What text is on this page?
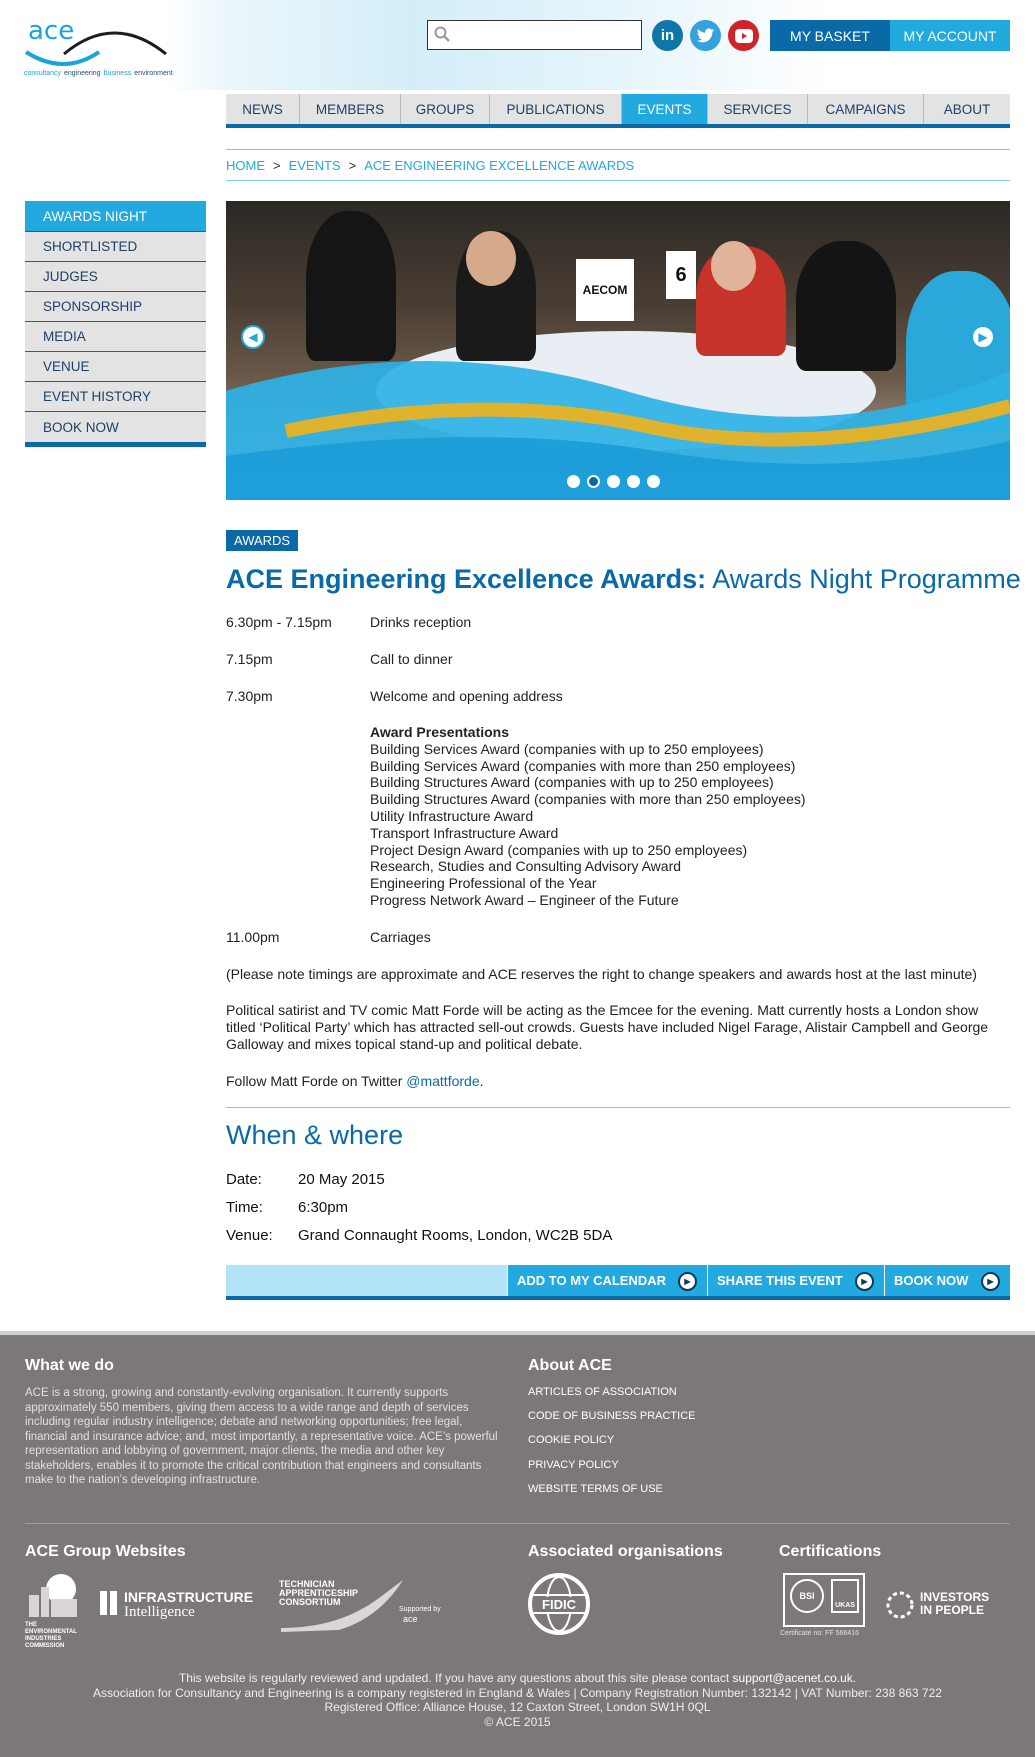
ace
consultancy engineering business environment
in	MY BASKET	MY ACCOUNT
NEWS	MEMBERS	GROUPS	PUBLICATIONS	EVENTS	SERVICES	CAMPAIGNS	ABOUT
HOME > EVENTS > ACE ENGINEERING EXCELLENCE AWARDS
AWARDS NIGHT
SHORTLISTED
JUDGES
SPONSORSHIP
MEDIA
VENUE
EVENT HISTORY
BOOK NOW
AECOM
6
◀	▶
AWARDS
ACE Engineering Excellence Awards: Awards Night Programme
6.30pm - 7.15pm	Drinks reception
7.15pm	Call to dinner
7.30pm	Welcome and opening address
Award Presentations
Building Services Award (companies with up to 250 employees)
Building Services Award (companies with more than 250 employees)
Building Structures Award (companies with up to 250 employees)
Building Structures Award (companies with more than 250 employees)
Utility Infrastructure Award
Transport Infrastructure Award
Project Design Award (companies with up to 250 employees)
Research, Studies and Consulting Advisory Award
Engineering Professional of the Year
Progress Network Award – Engineer of the Future
11.00pm	Carriages
(Please note timings are approximate and ACE reserves the right to change speakers and awards host at the last minute)
Political satirist and TV comic Matt Forde will be acting as the Emcee for the evening. Matt currently hosts a London show titled ‘Political Party’ which has attracted sell-out crowds. Guests have included Nigel Farage, Alistair Campbell and George Galloway and mixes topical stand-up and political debate.
Follow Matt Forde on Twitter @mattforde.
When & where
Date:	20 May 2015
Time:	6:30pm
Venue:	Grand Connaught Rooms, London, WC2B 5DA
ADD TO MY CALENDAR	▶	SHARE THIS EVENT	▶	BOOK NOW	▶
What we do
ACE is a strong, growing and constantly-evolving organisation. It currently supports approximately 550 members, giving them access to a wide range and depth of services including regular industry intelligence; debate and networking opportunities; free legal, financial and insurance advice; and, most importantly, a representative voice. ACE’s powerful representation and lobbying of government, major clients, the media and other key stakeholders, enables it to promote the critical contribution that engineers and consultants make to the nation’s developing infrastructure.
About ACE
ARTICLES OF ASSOCIATION
CODE OF BUSINESS PRACTICE
COOKIE POLICY
PRIVACY POLICY
WEBSITE TERMS OF USE
ACE Group Websites	Associated organisations	Certifications
THE ENVIRONMENTAL INDUSTRIES COMMISSION
INFRASTRUCTURE
Intelligence
TECHNICIAN
APPRENTICESHIP
CONSORTIUM
Supported by
ace
FIDIC
BSI
UKAS
Certificate no: FF 566416
INVESTORS
IN PEOPLE
This website is regularly reviewed and updated. If you have any questions about this site please contact support@acenet.co.uk.
Association for Consultancy and Engineering is a company registered in England & Wales | Company Registration Number: 132142 | VAT Number: 238 863 722
Registered Office: Alliance House, 12 Caxton Street, London SW1H 0QL
© ACE 2015
